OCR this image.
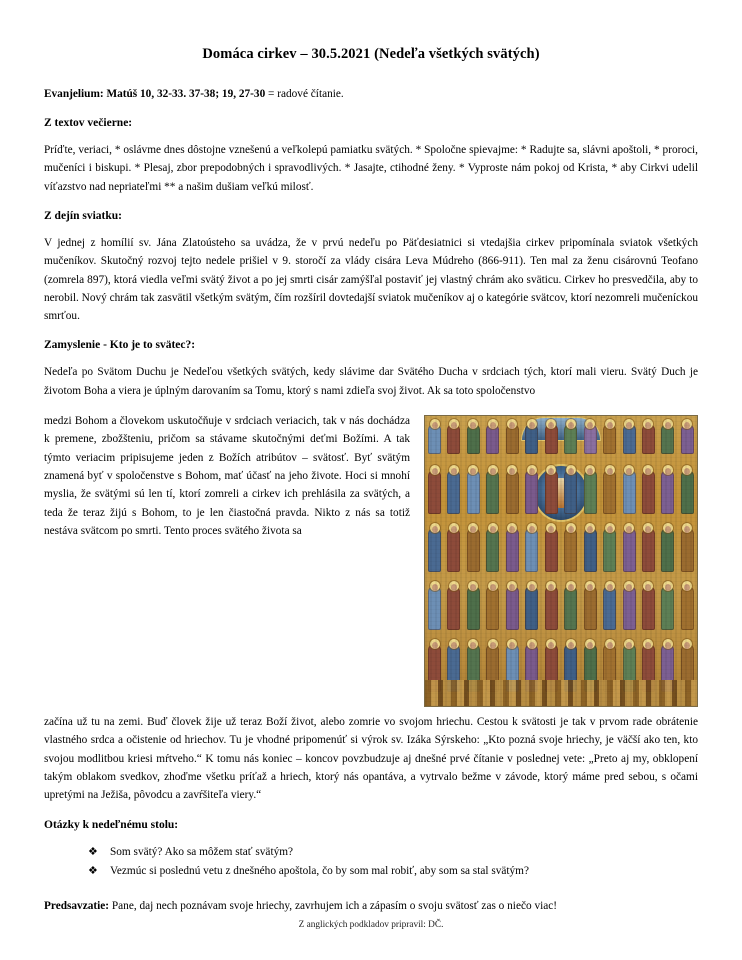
Domáca cirkev – 30.5.2021 (Nedeľa všetkých svätých)
Evanjelium: Matúš 10, 32-33. 37-38; 19, 27-30 = radové čítanie.
Z textov večierne:
Príďte, veriaci, * oslávme dnes dôstojne vznešenú a veľkolepú pamiatku svätých. * Spoločne spievajme: * Radujte sa, slávni apoštoli, * proroci, mučeníci i biskupi. * Plesaj, zbor prepodobných i spravodlivých. * Jasajte, ctihodné ženy. * Vyproste nám pokoj od Krista, * aby Cirkvi udelil víťazstvo nad nepriateľmi ** a našim dušiam veľkú milosť.
Z dejín sviatku:
V jednej z homílií sv. Jána Zlatoústeho sa uvádza, že v prvú nedeľu po Päťdesiatnici si vtedajšia cirkev pripomínala sviatok všetkých mučeníkov. Skutočný rozvoj tejto nedele prišiel v 9. storočí za vlády cisára Leva Múdreho (866-911). Ten mal za ženu cisárovnú Teofano (zomrela 897), ktorá viedla veľmi svätý život a po jej smrti cisár zamýšľal postaviť jej vlastný chrám ako sväticu. Cirkev ho presvedčila, aby to nerobil. Nový chrám tak zasvätil všetkým svätým, čím rozšíril dovtedajší sviatok mučeníkov aj o kategórie svätcov, ktorí nezomreli mučeníckou smrťou.
Zamyslenie - Kto je to svätec?:
Nedeľa po Svätom Duchu je Nedeľou všetkých svätých, kedy slávime dar Svätého Ducha v srdciach tých, ktorí mali vieru. Svätý Duch je životom Boha a viera je úplným darovaním sa Tomu, ktorý s nami zdieľa svoj život. Ak sa toto spoločenstvo
medzi Bohom a človekom uskutočňuje v srdciach veriacich, tak v nás dochádza k premene, zbožšteniu, pričom sa stávame skutočnými deťmi Božími. A tak týmto veriacim pripisujeme jeden z Božích atribútov – svätosť. Byť svätým znamená byť v spoločenstve s Bohom, mať účasť na jeho živote. Hoci si mnohí myslia, že svätými sú len tí, ktorí zomreli a cirkev ich prehlásila za svätých, a teda že teraz žijú s Bohom, to je len čiastočná pravda. Nikto z nás sa totiž nestáva svätcom po smrti. Tento proces svätého života sa
začína už tu na zemi. Buď človek žije už teraz Boží život, alebo zomrie vo svojom hriechu. Cestou k svätosti je tak v prvom rade obrátenie vlastného srdca a očistenie od hriechov. Tu je vhodné pripomenúť si výrok sv. Izáka Sýrskeho: „Kto pozná svoje hriechy, je väčší ako ten, kto svojou modlitbou kriesi mŕtveho.“ K tomu nás koniec – koncov povzbudzuje aj dnešné prvé čítanie v poslednej vete: „Preto aj my, obklopení takým oblakom svedkov, zhoďme všetku príťaž a hriech, ktorý nás opantáva, a vytrvalo bežme v závode, ktorý máme pred sebou, s očami upretými na Ježiša, pôvodcu a zavŕšiteľa viery.“
Otázky k nedeľnému stolu:
❖ Som svätý? Ako sa môžem stať svätým?
❖ Vezmúc si poslednú vetu z dnešného apoštola, čo by som mal robiť, aby som sa stal svätým?
Predsavzatie: Pane, daj nech poznávam svoje hriechy, zavrhujem ich a zápasím o svoju svätosť zas o niečo viac!
Z anglických podkladov pripravil: DČ.
